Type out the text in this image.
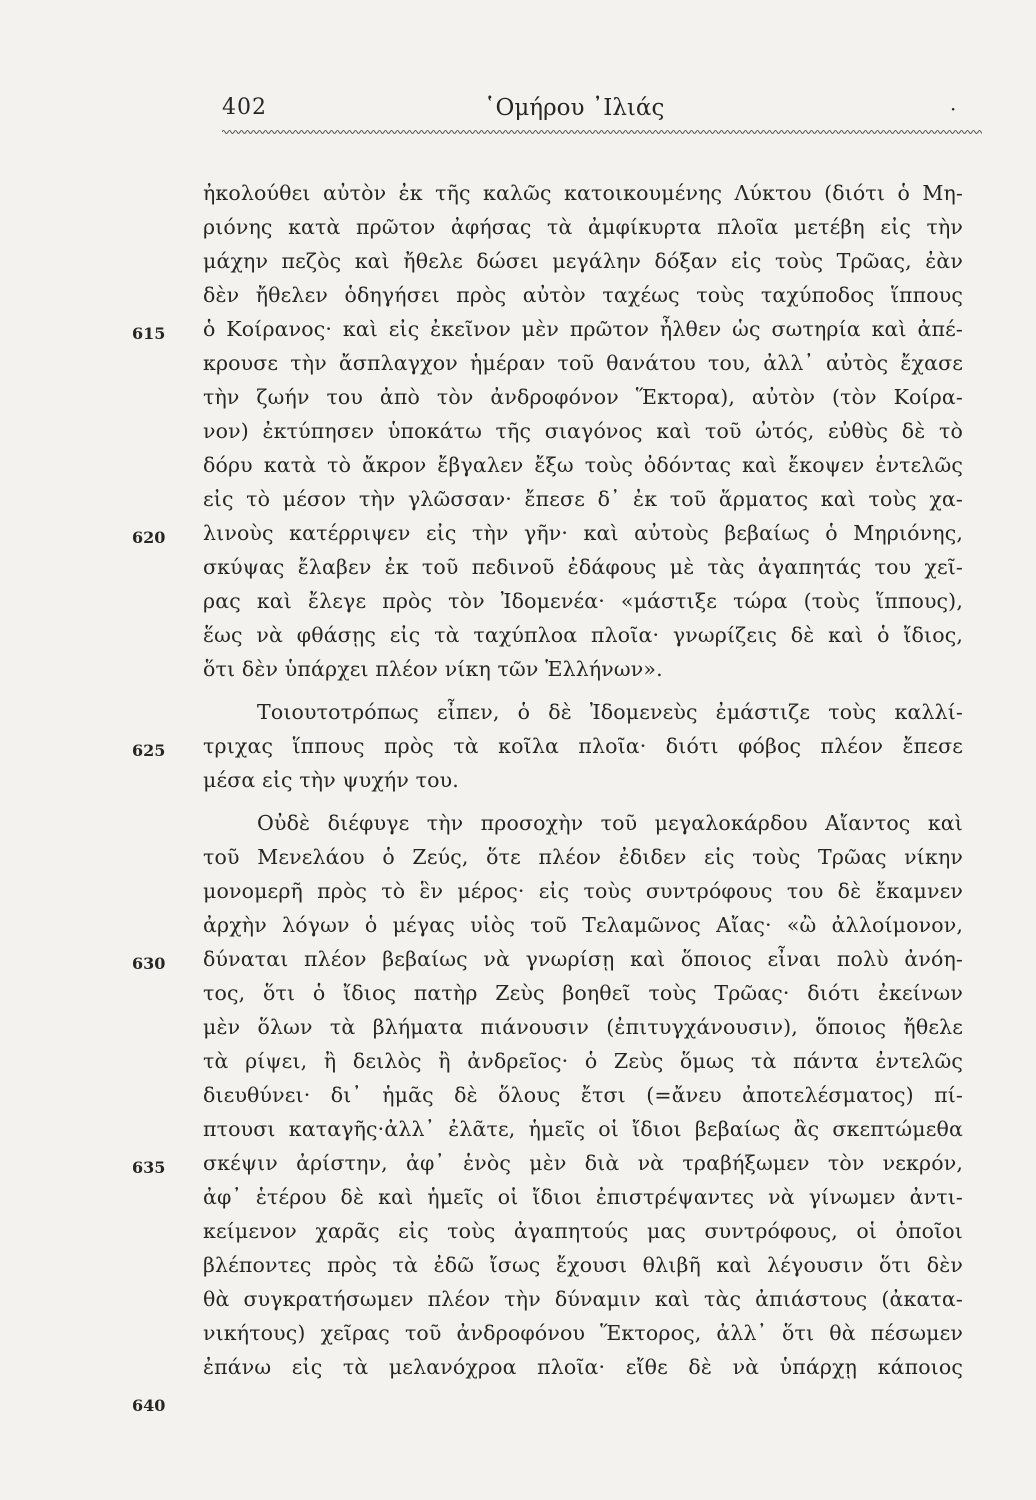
402	῾Ομήρου ᾿Ιλιάς	·
ἠκολούθει αὐτὸν ἐκ τῆς καλῶς κατοικουμένης Λύκτου (διότι ὁ Μη-
ριόνης κατὰ πρῶτον ἀφήσας τὰ ἀμφίκυρτα πλοῖα μετέβη εἰς τὴν
μάχην πεζὸς καὶ ἤθελε δώσει μεγάλην δόξαν εἰς τοὺς Τρῶας, ἐὰν
δὲν ἤθελεν ὁδηγήσει πρὸς αὐτὸν ταχέως τοὺς ταχύποδος ἵππους
ὁ Κοίρανος· καὶ εἰς ἐκεῖνον μὲν πρῶτον ἦλθεν ὡς σωτηρία καὶ ἀπέ-
κρουσε τὴν ἄσπλαγχον ἡμέραν τοῦ θανάτου του, ἀλλ᾽ αὐτὸς ἔχασε
τὴν ζωήν του ἀπὸ τὸν ἀνδροφόνον Ἕκτορα), αὐτὸν (τὸν Κοίρα-
νον) ἐκτύπησεν ὑποκάτω τῆς σιαγόνος καὶ τοῦ ὠτός, εὐθὺς δὲ τὸ
δόρυ κατὰ τὸ ἄκρον ἔβγαλεν ἔξω τοὺς ὀδόντας καὶ ἔκοψεν ἐντελῶς
εἰς τὸ μέσον τὴν γλῶσσαν· ἔπεσε δ᾽ ἐκ τοῦ ἅρματος καὶ τοὺς χα-
λινοὺς κατέρριψεν εἰς τὴν γῆν· καὶ αὐτοὺς βεβαίως ὁ Μηριόνης,
σκύψας ἔλαβεν ἐκ τοῦ πεδινοῦ ἐδάφους μὲ τὰς ἀγαπητάς του χεῖ-
ρας καὶ ἔλεγε πρὸς τὸν Ἰδομενέα· «μάστιξε τώρα (τοὺς ἵππους),
ἕως νὰ φθάσῃς εἰς τὰ ταχύπλοα πλοῖα· γνωρίζεις δὲ καὶ ὁ ἴδιος,
ὅτι δὲν ὑπάρχει πλέον νίκη τῶν Ἑλλήνων».
Τοιουτοτρόπως εἶπεν, ὁ δὲ Ἰδομενεὺς ἐμάστιζε τοὺς καλλί-
τριχας ἵππους πρὸς τὰ κοῖλα πλοῖα· διότι φόβος πλέον ἔπεσε
μέσα εἰς τὴν ψυχήν του.
Οὐδὲ διέφυγε τὴν προσοχὴν τοῦ μεγαλοκάρδου Αἴαντος καὶ
τοῦ Μενελάου ὁ Ζεύς, ὅτε πλέον ἐδιδεν εἰς τοὺς Τρῶας νίκην
μονομερῆ πρὸς τὸ ἓν μέρος· εἰς τοὺς συντρόφους του δὲ ἔκαμνεν
ἀρχὴν λόγων ὁ μέγας υἱὸς τοῦ Τελαμῶνος Αἴας· «ὢ ἀλλοίμονον,
δύναται πλέον βεβαίως νὰ γνωρίσῃ καὶ ὅποιος εἶναι πολὺ ἀνόη-
τος, ὅτι ὁ ἴδιος πατὴρ Ζεὺς βοηθεῖ τοὺς Τρῶας· διότι ἐκείνων
μὲν ὅλων τὰ βλήματα πιάνουσιν (ἐπιτυγχάνουσιν), ὅποιος ἤθελε
τὰ ρίψει, ἢ δειλὸς ἢ ἀνδρεῖος· ὁ Ζεὺς ὅμως τὰ πάντα ἐντελῶς
διευθύνει· δι᾽ ἡμᾶς δὲ ὅλους ἔτσι (=ἄνευ ἀποτελέσματος) πί-
πτουσι καταγῆς·ἀλλ᾽ ἐλᾶτε, ἡμεῖς οἱ ἴδιοι βεβαίως ἂς σκεπτώμεθα
σκέψιν ἀρίστην, ἀφ᾽ ἑνὸς μὲν διὰ νὰ τραβήξωμεν τὸν νεκρόν,
ἀφ᾽ ἑτέρου δὲ καὶ ἡμεῖς οἱ ἴδιοι ἐπιστρέψαντες νὰ γίνωμεν ἀντι-
κείμενον χαρᾶς εἰς τοὺς ἀγαπητούς μας συντρόφους, οἱ ὁποῖοι
βλέποντες πρὸς τὰ ἐδῶ ἴσως ἔχουσι θλιβῆ καὶ λέγουσιν ὅτι δὲν
θὰ συγκρατήσωμεν πλέον τὴν δύναμιν καὶ τὰς ἀπιάστους (ἀκατα-
νικήτους) χεῖρας τοῦ ἀνδροφόνου Ἕκτορος, ἀλλ᾽ ὅτι θὰ πέσωμεν
ἐπάνω εἰς τὰ μελανόχροα πλοῖα· εἴθε δὲ νὰ ὑπάρχῃ κάποιος
615
620
625
630
635
640
